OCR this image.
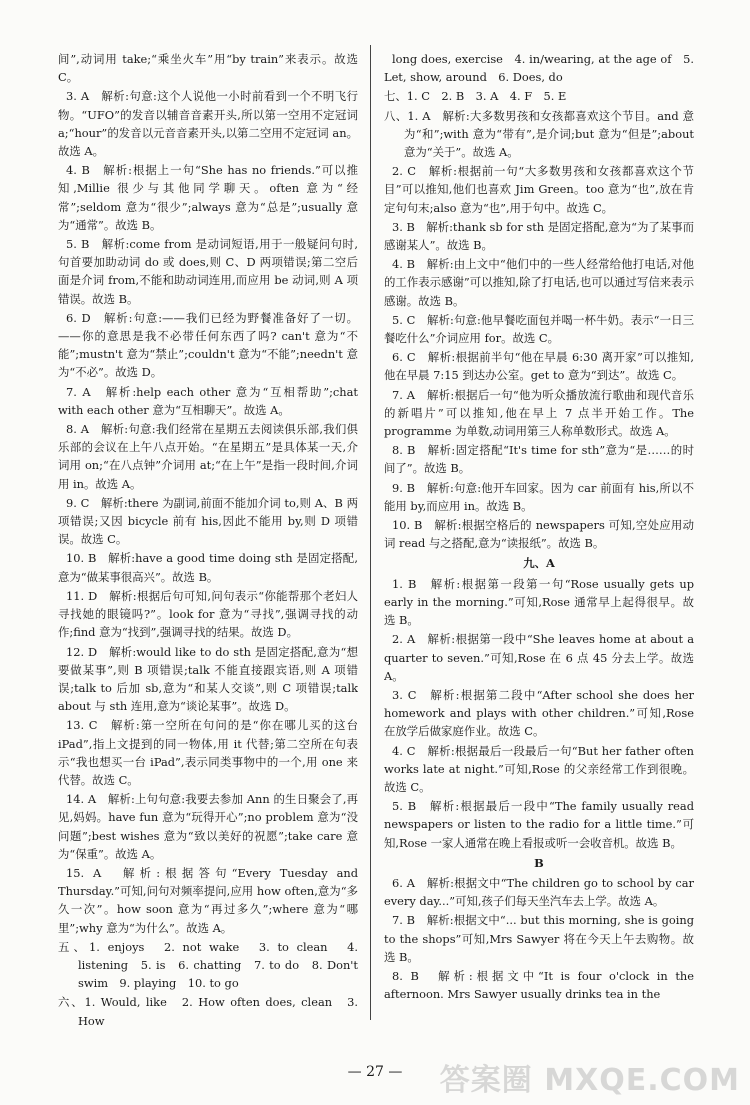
间”,动词用 take;“乘坐火车”用“by train”来表示。故选 C。
3. A　解析:句意:这个人说他一小时前看到一个不明飞行物。“UFO”的发音以辅音音素开头,所以第一空用不定冠词 a;“hour”的发音以元音音素开头,以第二空用不定冠词 an。故选 A。
4. B　解析:根据上一句“She has no friends.”可以推知,Millie 很少与其他同学聊天。often 意为“经常”;seldom 意为“很少”;always 意为“总是”;usually 意为“通常”。故选 B。
5. B　解析:come from 是动词短语,用于一般疑问句时,句首要加助动词 do 或 does,则 C、D 两项错误;第二空后面是介词 from,不能和助动词连用,而应用 be 动词,则 A 项错误。故选 B。
6. D　解析:句意:——我们已经为野餐准备好了一切。——你的意思是我不必带任何东西了吗? can't 意为“不能”;mustn't 意为“禁止”;couldn't 意为“不能”;needn't 意为“不必”。故选 D。
7. A　解析:help each other 意为“互相帮助”;chat with each other 意为“互相聊天”。故选 A。
8. A　解析:句意:我们经常在星期五去阅读俱乐部,我们俱乐部的会议在上午八点开始。“在星期五”是具体某一天,介词用 on;“在八点钟”介词用 at;“在上午”是指一段时间,介词用 in。故选 A。
9. C　解析:there 为副词,前面不能加介词 to,则 A、B 两项错误;又因 bicycle 前有 his,因此不能用 by,则 D 项错误。故选 C。
10. B　解析:have a good time doing sth 是固定搭配,意为“做某事很高兴”。故选 B。
11. D　解析:根据后句可知,问句表示“你能帮那个老妇人寻找她的眼镜吗?”。look for 意为“寻找”,强调寻找的动作;find 意为“找到”,强调寻找的结果。故选 D。
12. D　解析:would like to do sth 是固定搭配,意为“想要做某事”,则 B 项错误;talk 不能直接跟宾语,则 A 项错误;talk to 后加 sb,意为“和某人交谈”,则 C 项错误;talk about 与 sth 连用,意为“谈论某事”。故选 D。
13. C　解析:第一空所在句问的是“你在哪儿买的这台 iPad”,指上文提到的同一物体,用 it 代替;第二空所在句表示“我也想买一台 iPad”,表示同类事物中的一个,用 one 来代替。故选 C。
14. A　解析:上句句意:我要去参加 Ann 的生日聚会了,再见,妈妈。have fun 意为“玩得开心”;no problem 意为“没问题”;best wishes 意为“致以美好的祝愿”;take care 意为“保重”。故选 A。
15. A　解析:根据答句“Every Tuesday and Thursday.”可知,问句对频率提问,应用 how often,意为“多久一次”。how soon 意为“再过多久”;where 意为“哪里”;why 意为“为什么”。故选 A。
五、1. enjoys　2. not wake　3. to clean　4. listening　5. is　6. chatting　7. to do　8. Don't swim　9. playing　10. to go
六、1. Would, like　2. How often does, clean　3. How
long does, exercise　4. in/wearing, at the age of　5. Let, show, around　6. Does, do
七、1. C　2. B　3. A　4. F　5. E
八、1. A　解析:大多数男孩和女孩都喜欢这个节目。and 意为“和”;with 意为“带有”,是介词;but 意为“但是”;about 意为“关于”。故选 A。
2. C　解析:根据前一句“大多数男孩和女孩都喜欢这个节目”可以推知,他们也喜欢 Jim Green。too 意为“也”,放在肯定句句末;also 意为“也”,用于句中。故选 C。
3. B　解析:thank sb for sth 是固定搭配,意为“为了某事而感谢某人”。故选 B。
4. B　解析:由上文中“他们中的一些人经常给他打电话,对他的工作表示感谢”可以推知,除了打电话,也可以通过写信来表示感谢。故选 B。
5. C　解析:句意:他早餐吃面包并喝一杯牛奶。表示“一日三餐吃什么”介词应用 for。故选 C。
6. C　解析:根据前半句“他在早晨 6:30 离开家”可以推知,他在早晨 7:15 到达办公室。get to 意为“到达”。故选 C。
7. A　解析:根据后一句“他为听众播放流行歌曲和现代音乐的新唱片”可以推知,他在早上 7 点半开始工作。The programme 为单数,动词用第三人称单数形式。故选 A。
8. B　解析:固定搭配“It's time for sth”意为“是……的时间了”。故选 B。
9. B　解析:句意:他开车回家。因为 car 前面有 his,所以不能用 by,而应用 in。故选 B。
10. B　解析:根据空格后的 newspapers 可知,空处应用动词 read 与之搭配,意为“读报纸”。故选 B。
九、A
1. B　解析:根据第一段第一句“Rose usually gets up early in the morning.”可知,Rose 通常早上起得很早。故选 B。
2. A　解析:根据第一段中“She leaves home at about a quarter to seven.”可知,Rose 在 6 点 45 分去上学。故选 A。
3. C　解析:根据第二段中“After school she does her homework and plays with other children.”可知,Rose 在放学后做家庭作业。故选 C。
4. C　解析:根据最后一段最后一句“But her father often works late at night.”可知,Rose 的父亲经常工作到很晚。故选 C。
5. B　解析:根据最后一段中“The family usually read newspapers or listen to the radio for a little time.”可知,Rose 一家人通常在晚上看报或听一会收音机。故选 B。
B
6. A　解析:根据文中“The children go to school by car every day...”可知,孩子们每天坐汽车去上学。故选 A。
7. B　解析:根据文中“... but this morning, she is going to the shops”可知,Mrs Sawyer 将在今天上午去购物。故选 B。
8. B　解析:根据文中“It is four o'clock in the afternoon. Mrs Sawyer usually drinks tea in the
— 27 —	答案圈 MXQE.COM
